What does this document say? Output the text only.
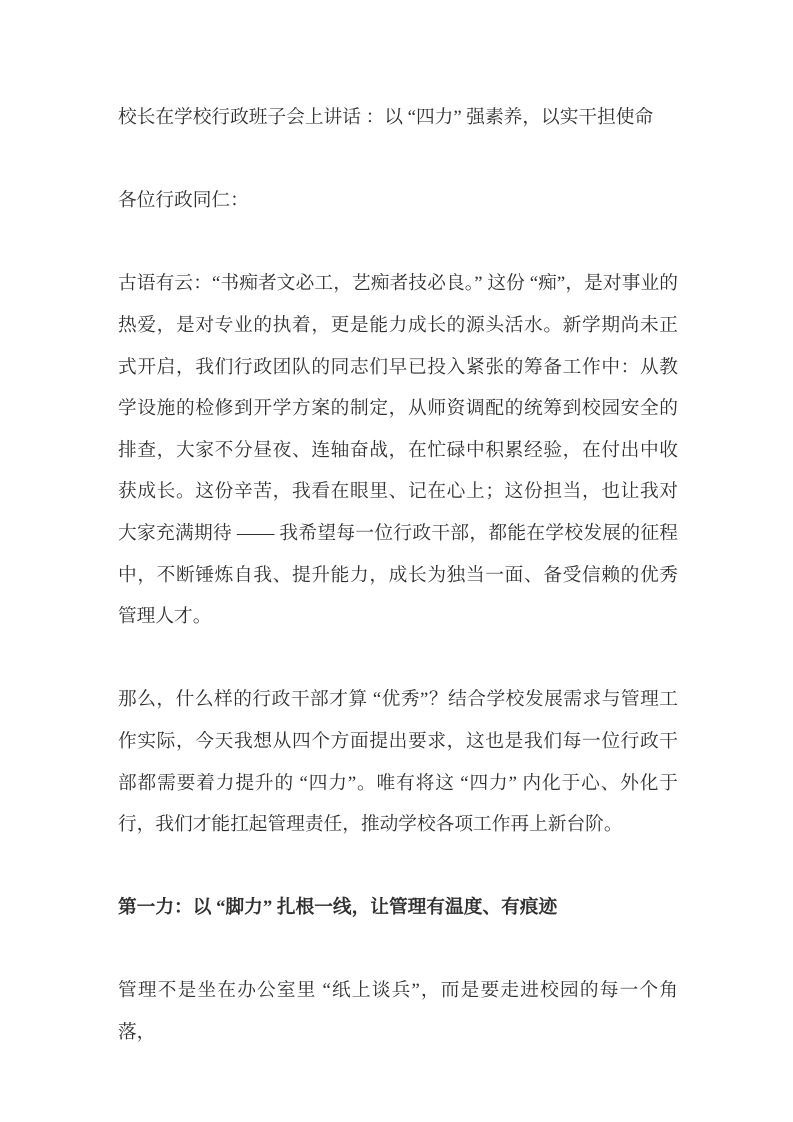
校长在学校行政班子会上讲话 ：以 “四力” 强素养，以实干担使命

各位行政同仁：

古语有云：“书痴者文必工，艺痴者技必良。” 这份 “痴”，是对事业的热爱，是对专业的执着，更是能力成长的源头活水。新学期尚未正式开启，我们行政团队的同志们早已投入紧张的筹备工作中：从教学设施的检修到开学方案的制定，从师资调配的统筹到校园安全的排查，大家不分昼夜、连轴奋战，在忙碌中积累经验，在付出中收获成长。这份辛苦，我看在眼里、记在心上；这份担当，也让我对大家充满期待 —— 我希望每一位行政干部，都能在学校发展的征程中，不断锤炼自我、提升能力，成长为独当一面、备受信赖的优秀管理人才。

那么，什么样的行政干部才算 “优秀”？结合学校发展需求与管理工作实际，今天我想从四个方面提出要求，这也是我们每一位行政干部都需要着力提升的 “四力”。唯有将这 “四力” 内化于心、外化于行，我们才能扛起管理责任，推动学校各项工作再上新台阶。

第一力：以 “脚力” 扎根一线，让管理有温度、有痕迹

管理不是坐在办公室里 “纸上谈兵”，而是要走进校园的每一个角落，
